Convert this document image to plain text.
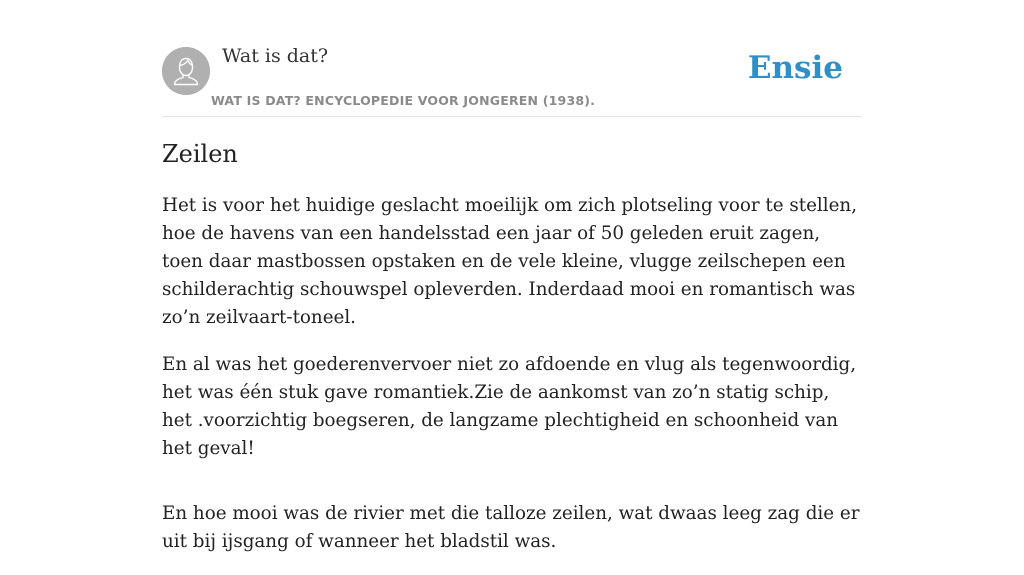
Wat is dat?
WAT IS DAT? ENCYCLOPEDIE VOOR JONGEREN (1938).
Ensie
Zeilen

Het is voor het huidige geslacht moeilijk om zich plotseling voor te stellen, hoe de havens van een handelsstad een jaar of 50 geleden eruit zagen, toen daar mastbossen opstaken en de vele kleine, vlugge zeilschepen een schilderachtig schouwspel opleverden. Inderdaad mooi en romantisch was zo’n zeilvaart-toneel.

En al was het goederenvervoer niet zo afdoende en vlug als tegenwoordig, het was één stuk gave romantiek.Zie de aankomst van zo’n statig schip, het .voorzichtig boegseren, de langzame plechtigheid en schoonheid van het geval!

En hoe mooi was de rivier met die talloze zeilen, wat dwaas leeg zag die er uit bij ijsgang of wanneer het bladstil was.
